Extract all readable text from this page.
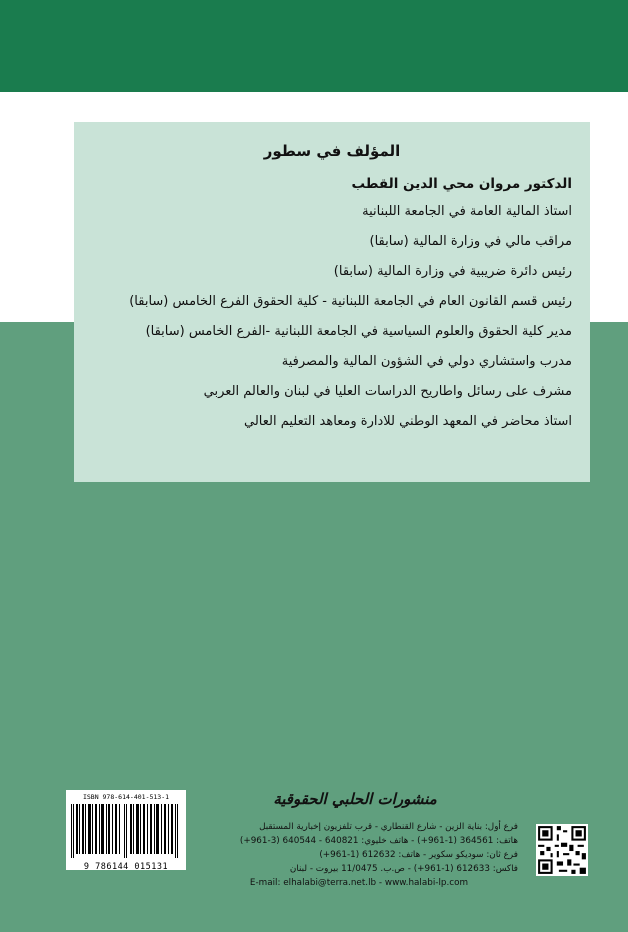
المؤلف في سطور
الدكتور مروان محي الدين القطب
استاذ المالية العامة في الجامعة اللبنانية
مراقب مالي في وزارة المالية (سابقا)
رئيس دائرة ضريبية في وزارة المالية (سابقا)
رئيس قسم القانون العام في الجامعة اللبنانية - كلية الحقوق الفرع الخامس (سابقا)
مدير كلية الحقوق والعلوم السياسية في الجامعة اللبنانية -الفرع الخامس (سابقا)
مدرب واستشاري دولي في الشؤون المالية والمصرفية
مشرف على رسائل واطاريح الدراسات العليا في لبنان والعالم العربي
استاذ محاضر في المعهد الوطني للادارة ومعاهد التعليم العالي
ISBN 978-614-401-513-1
9 786144 015131
منشورات الحلبي الحقوقية
فرع أول: بناية الزين - شارع القنطاري - قرب تلفزيون إخبارية المستقبل
هاتف: 364561 (1-961+) - هاتف خليوي: 640821 - 640544 (3-961+)
فرع ثان: سوديكو سكوير - هاتف: 612632 (1-961+)
فاكس: 612633 (1-961+) - ص.ب. 11/0475 بيروت - لبنان
E-mail: elhalabi@terra.net.lb - www.halabi-lp.com
